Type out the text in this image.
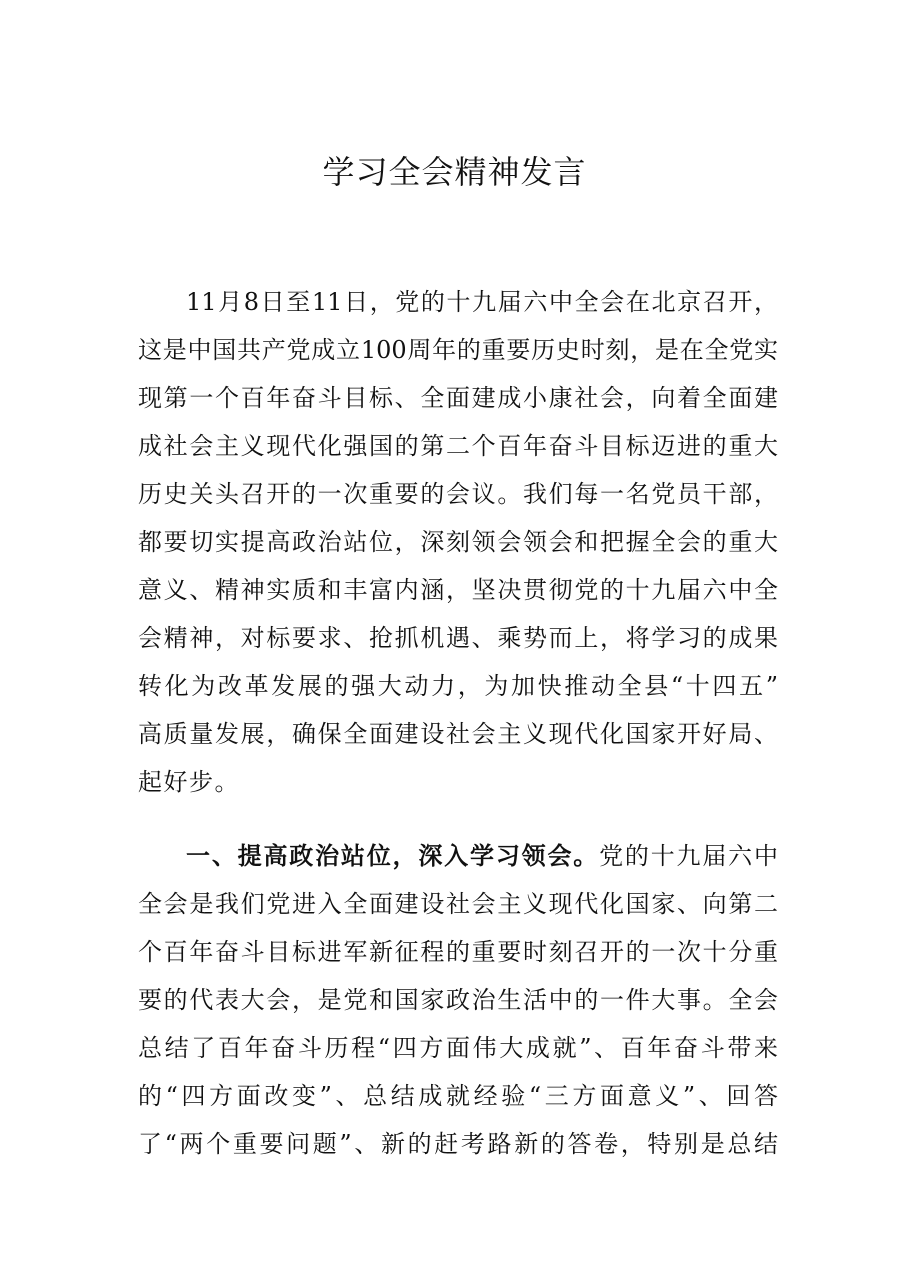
学习全会精神发言
11月8日至11日，党的十九届六中全会在北京召开，
这是中国共产党成立100周年的重要历史时刻，是在全党实
现第一个百年奋斗目标、全面建成小康社会，向着全面建
成社会主义现代化强国的第二个百年奋斗目标迈进的重大
历史关头召开的一次重要的会议。我们每一名党员干部，
都要切实提高政治站位，深刻领会领会和把握全会的重大
意义、精神实质和丰富内涵，坚决贯彻党的十九届六中全
会精神，对标要求、抢抓机遇、乘势而上，将学习的成果
转化为改革发展的强大动力，为加快推动全县“十四五”
高质量发展，确保全面建设社会主义现代化国家开好局、
起好步。
一、提高政治站位，深入学习领会。党的十九届六中
全会是我们党进入全面建设社会主义现代化国家、向第二
个百年奋斗目标进军新征程的重要时刻召开的一次十分重
要的代表大会，是党和国家政治生活中的一件大事。全会
总结了百年奋斗历程“四方面伟大成就”、百年奋斗带来
的“四方面改变”、总结成就经验“三方面意义”、回答
了“两个重要问题”、新的赶考路新的答卷，特别是总结
